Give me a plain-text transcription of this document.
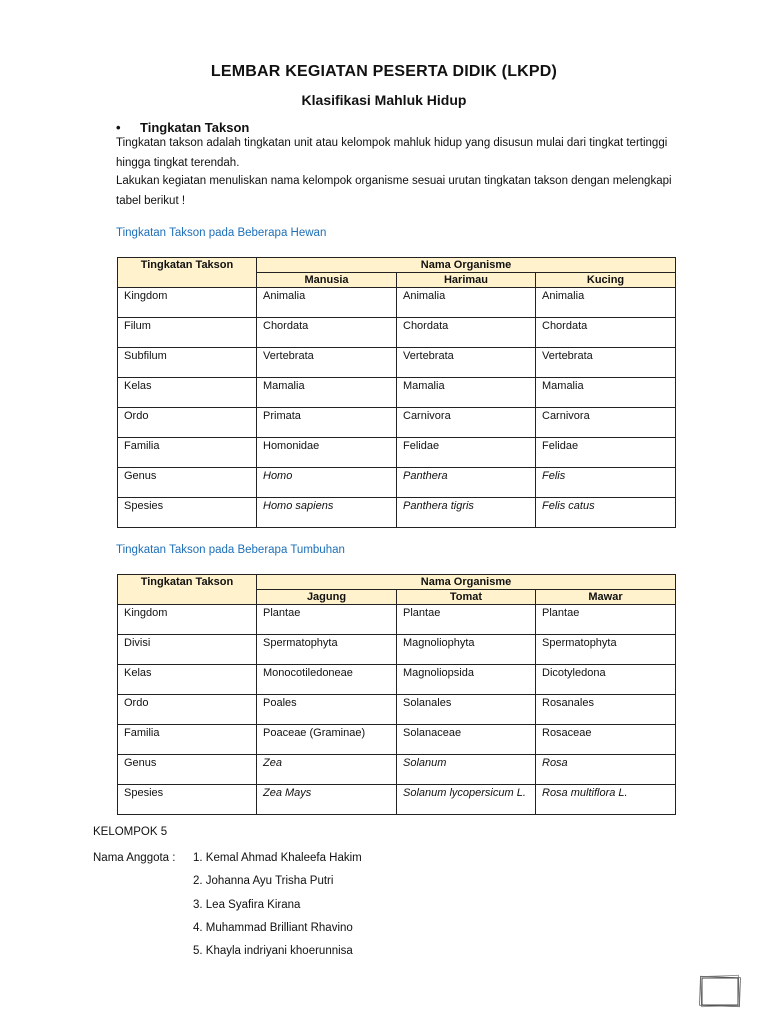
LEMBAR KEGIATAN PESERTA DIDIK (LKPD)
Klasifikasi Mahluk Hidup
• Tingkatan Takson

Tingkatan takson adalah tingkatan unit atau kelompok mahluk hidup yang disusun mulai dari tingkat tertinggi hingga tingkat terendah.

Lakukan kegiatan menuliskan nama kelompok organisme sesuai urutan tingkatan takson dengan melengkapi tabel berikut !

Tingkatan Takson pada Beberapa Hewan
Tingkatan Takson	Nama Organisme		
	Manusia	Harimau	Kucing
Kingdom	Animalia	Animalia	Animalia
Filum	Chordata	Chordata	Chordata
Subfilum	Vertebrata	Vertebrata	Vertebrata
Kelas	Mamalia	Mamalia	Mamalia
Ordo	Primata	Carnivora	Carnivora
Familia	Homonidae	Felidae	Felidae
Genus	Homo	Panthera	Felis
Spesies	Homo sapiens	Panthera tigris	Felis catus
Tingkatan Takson pada Beberapa Tumbuhan
Tingkatan Takson	Nama Organisme		
	Jagung	Tomat	Mawar
Kingdom	Plantae	Plantae	Plantae
Divisi	Spermatophyta	Magnoliophyta	Spermatophyta
Kelas	Monocotiledoneae	Magnoliopsida	Dicotyledona
Ordo	Poales	Solanales	Rosanales
Familia	Poaceae (Graminae)	Solanaceae	Rosaceae
Genus	Zea	Solanum	Rosa
Spesies	Zea Mays	Solanum lycopersicum L.	Rosa multiflora L.

KELOMPOK 5

Nama Anggota : 1. Kemal Ahmad Khaleefa Hakim
2. Johanna Ayu Trisha Putri
3. Lea Syafira Kirana
4. Muhammad Brilliant Rhavino
5. Khayla indriyani khoerunnisa
